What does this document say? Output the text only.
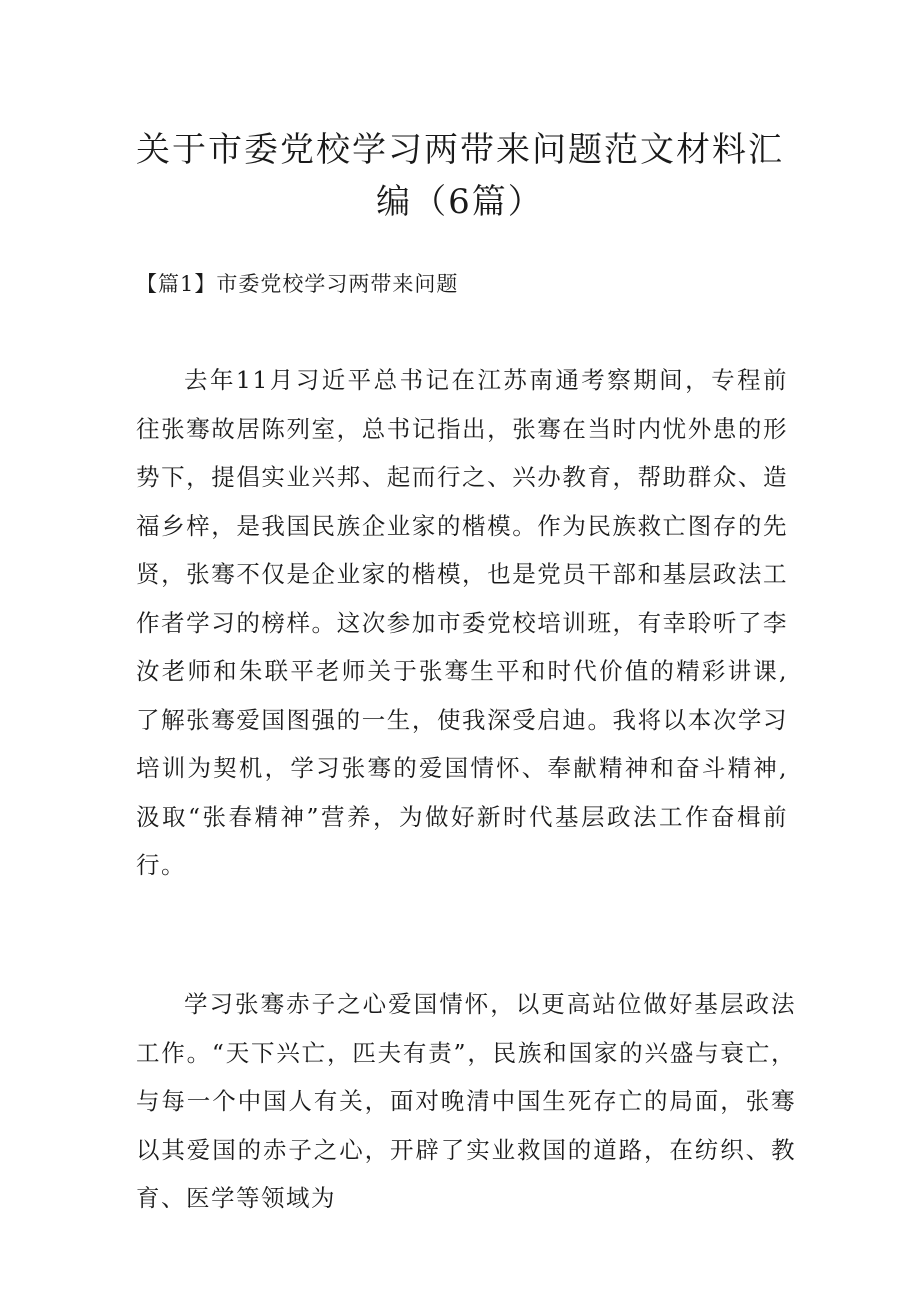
关于市委党校学习两带来问题范文材料汇编（6篇）

【篇1】市委党校学习两带来问题

去年11月习近平总书记在江苏南通考察期间，专程前往张骞故居陈列室，总书记指出，张骞在当时内忧外患的形势下，提倡实业兴邦、起而行之、兴办教育，帮助群众、造福乡梓，是我国民族企业家的楷模。作为民族救亡图存的先贤，张骞不仅是企业家的楷模，也是党员干部和基层政法工作者学习的榜样。这次参加市委党校培训班，有幸聆听了李汝老师和朱联平老师关于张骞生平和时代价值的精彩讲课,了解张骞爱国图强的一生，使我深受启迪。我将以本次学习培训为契机，学习张骞的爱国情怀、奉献精神和奋斗精神,汲取“张春精神”营养，为做好新时代基层政法工作奋楫前行。

学习张骞赤子之心爱国情怀，以更高站位做好基层政法工作。“天下兴亡，匹夫有责”，民族和国家的兴盛与衰亡，与每一个中国人有关，面对晚清中国生死存亡的局面，张骞以其爱国的赤子之心，开辟了实业救国的道路，在纺织、教育、医学等领域为
